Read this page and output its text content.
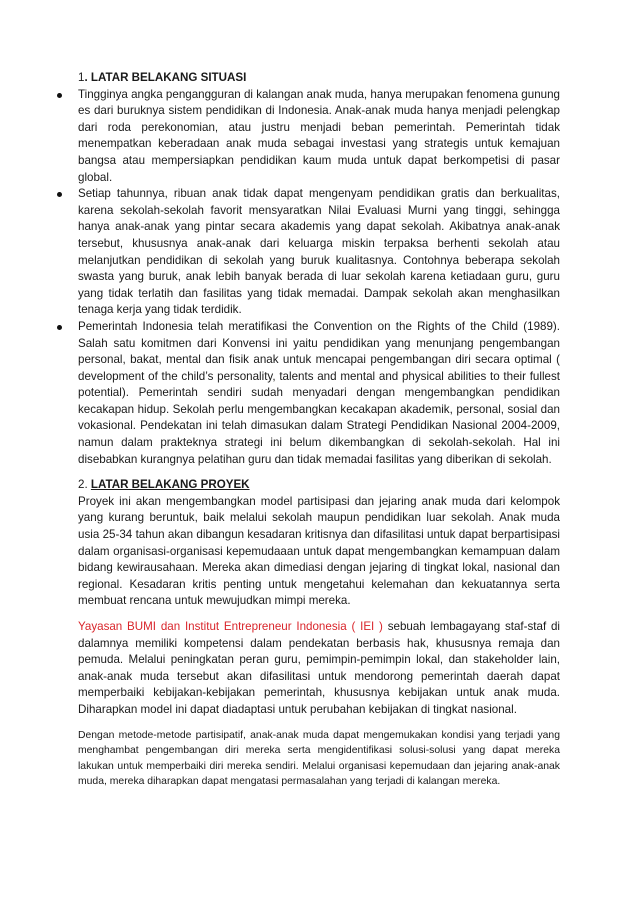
1. LATAR BELAKANG SITUASI

Tingginya angka pengangguran di kalangan anak muda, hanya merupakan fenomena gunung es dari buruknya sistem pendidikan di Indonesia. Anak-anak muda hanya menjadi pelengkap dari roda perekonomian, atau justru menjadi beban pemerintah. Pemerintah tidak menempatkan keberadaan anak muda sebagai investasi yang strategis untuk kemajuan bangsa atau mempersiapkan pendidikan kaum muda untuk dapat berkompetisi di pasar global.

Setiap tahunnya, ribuan anak tidak dapat mengenyam pendidikan gratis dan berkualitas, karena sekolah-sekolah favorit mensyaratkan Nilai Evaluasi Murni yang tinggi, sehingga hanya anak-anak yang pintar secara akademis yang dapat sekolah. Akibatnya anak-anak tersebut, khususnya anak-anak dari keluarga miskin terpaksa berhenti sekolah atau melanjutkan pendidikan di sekolah yang buruk kualitasnya. Contohnya beberapa sekolah swasta yang buruk, anak lebih banyak berada di luar sekolah karena ketiadaan guru, guru yang tidak terlatih dan fasilitas yang tidak memadai. Dampak sekolah akan menghasilkan tenaga kerja yang tidak terdidik.

Pemerintah Indonesia telah meratifikasi the Convention on the Rights of the Child (1989). Salah satu komitmen dari Konvensi ini yaitu pendidikan yang menunjang pengembangan personal, bakat, mental dan fisik anak untuk mencapai pengembangan diri secara optimal ( development of the child’s personality, talents and mental and physical abilities to their fullest potential). Pemerintah sendiri sudah menyadari dengan mengembangkan pendidikan kecakapan hidup. Sekolah perlu mengembangkan kecakapan akademik, personal, sosial dan vokasional. Pendekatan ini telah dimasukan dalam Strategi Pendidikan Nasional 2004-2009, namun dalam prakteknya strategi ini belum dikembangkan di sekolah-sekolah. Hal ini disebabkan kurangnya pelatihan guru dan tidak memadai fasilitas yang diberikan di sekolah.

2. LATAR BELAKANG PROYEK

Proyek ini akan mengembangkan model partisipasi dan jejaring anak muda dari kelompok yang kurang beruntuk, baik melalui sekolah maupun pendidikan luar sekolah. Anak muda usia 25-34 tahun akan dibangun kesadaran kritisnya dan difasilitasi untuk dapat berpartisipasi dalam organisasi-organisasi kepemudaaan untuk dapat mengembangkan kemampuan dalam bidang kewirausahaan. Mereka akan dimediasi dengan jejaring di tingkat lokal, nasional dan regional. Kesadaran kritis penting untuk mengetahui kelemahan dan kekuatannya serta membuat rencana untuk mewujudkan mimpi mereka.

Yayasan BUMI dan Institut Entrepreneur Indonesia ( IEI ) sebuah lembagayang staf-staf di dalamnya memiliki kompetensi dalam pendekatan berbasis hak, khususnya remaja dan pemuda. Melalui peningkatan peran guru, pemimpin-pemimpin lokal, dan stakeholder lain, anak-anak muda tersebut akan difasilitasi untuk mendorong pemerintah daerah dapat memperbaiki kebijakan-kebijakan pemerintah, khususnya kebijakan untuk anak muda. Diharapkan model ini dapat diadaptasi untuk perubahan kebijakan di tingkat nasional.

Dengan metode-metode partisipatif, anak-anak muda dapat mengemukakan kondisi yang terjadi yang menghambat pengembangan diri mereka serta mengidentifikasi solusi-solusi yang dapat mereka lakukan untuk memperbaiki diri mereka sendiri. Melalui organisasi kepemudaan dan jejaring anak-anak muda, mereka diharapkan dapat mengatasi permasalahan yang terjadi di kalangan mereka.
